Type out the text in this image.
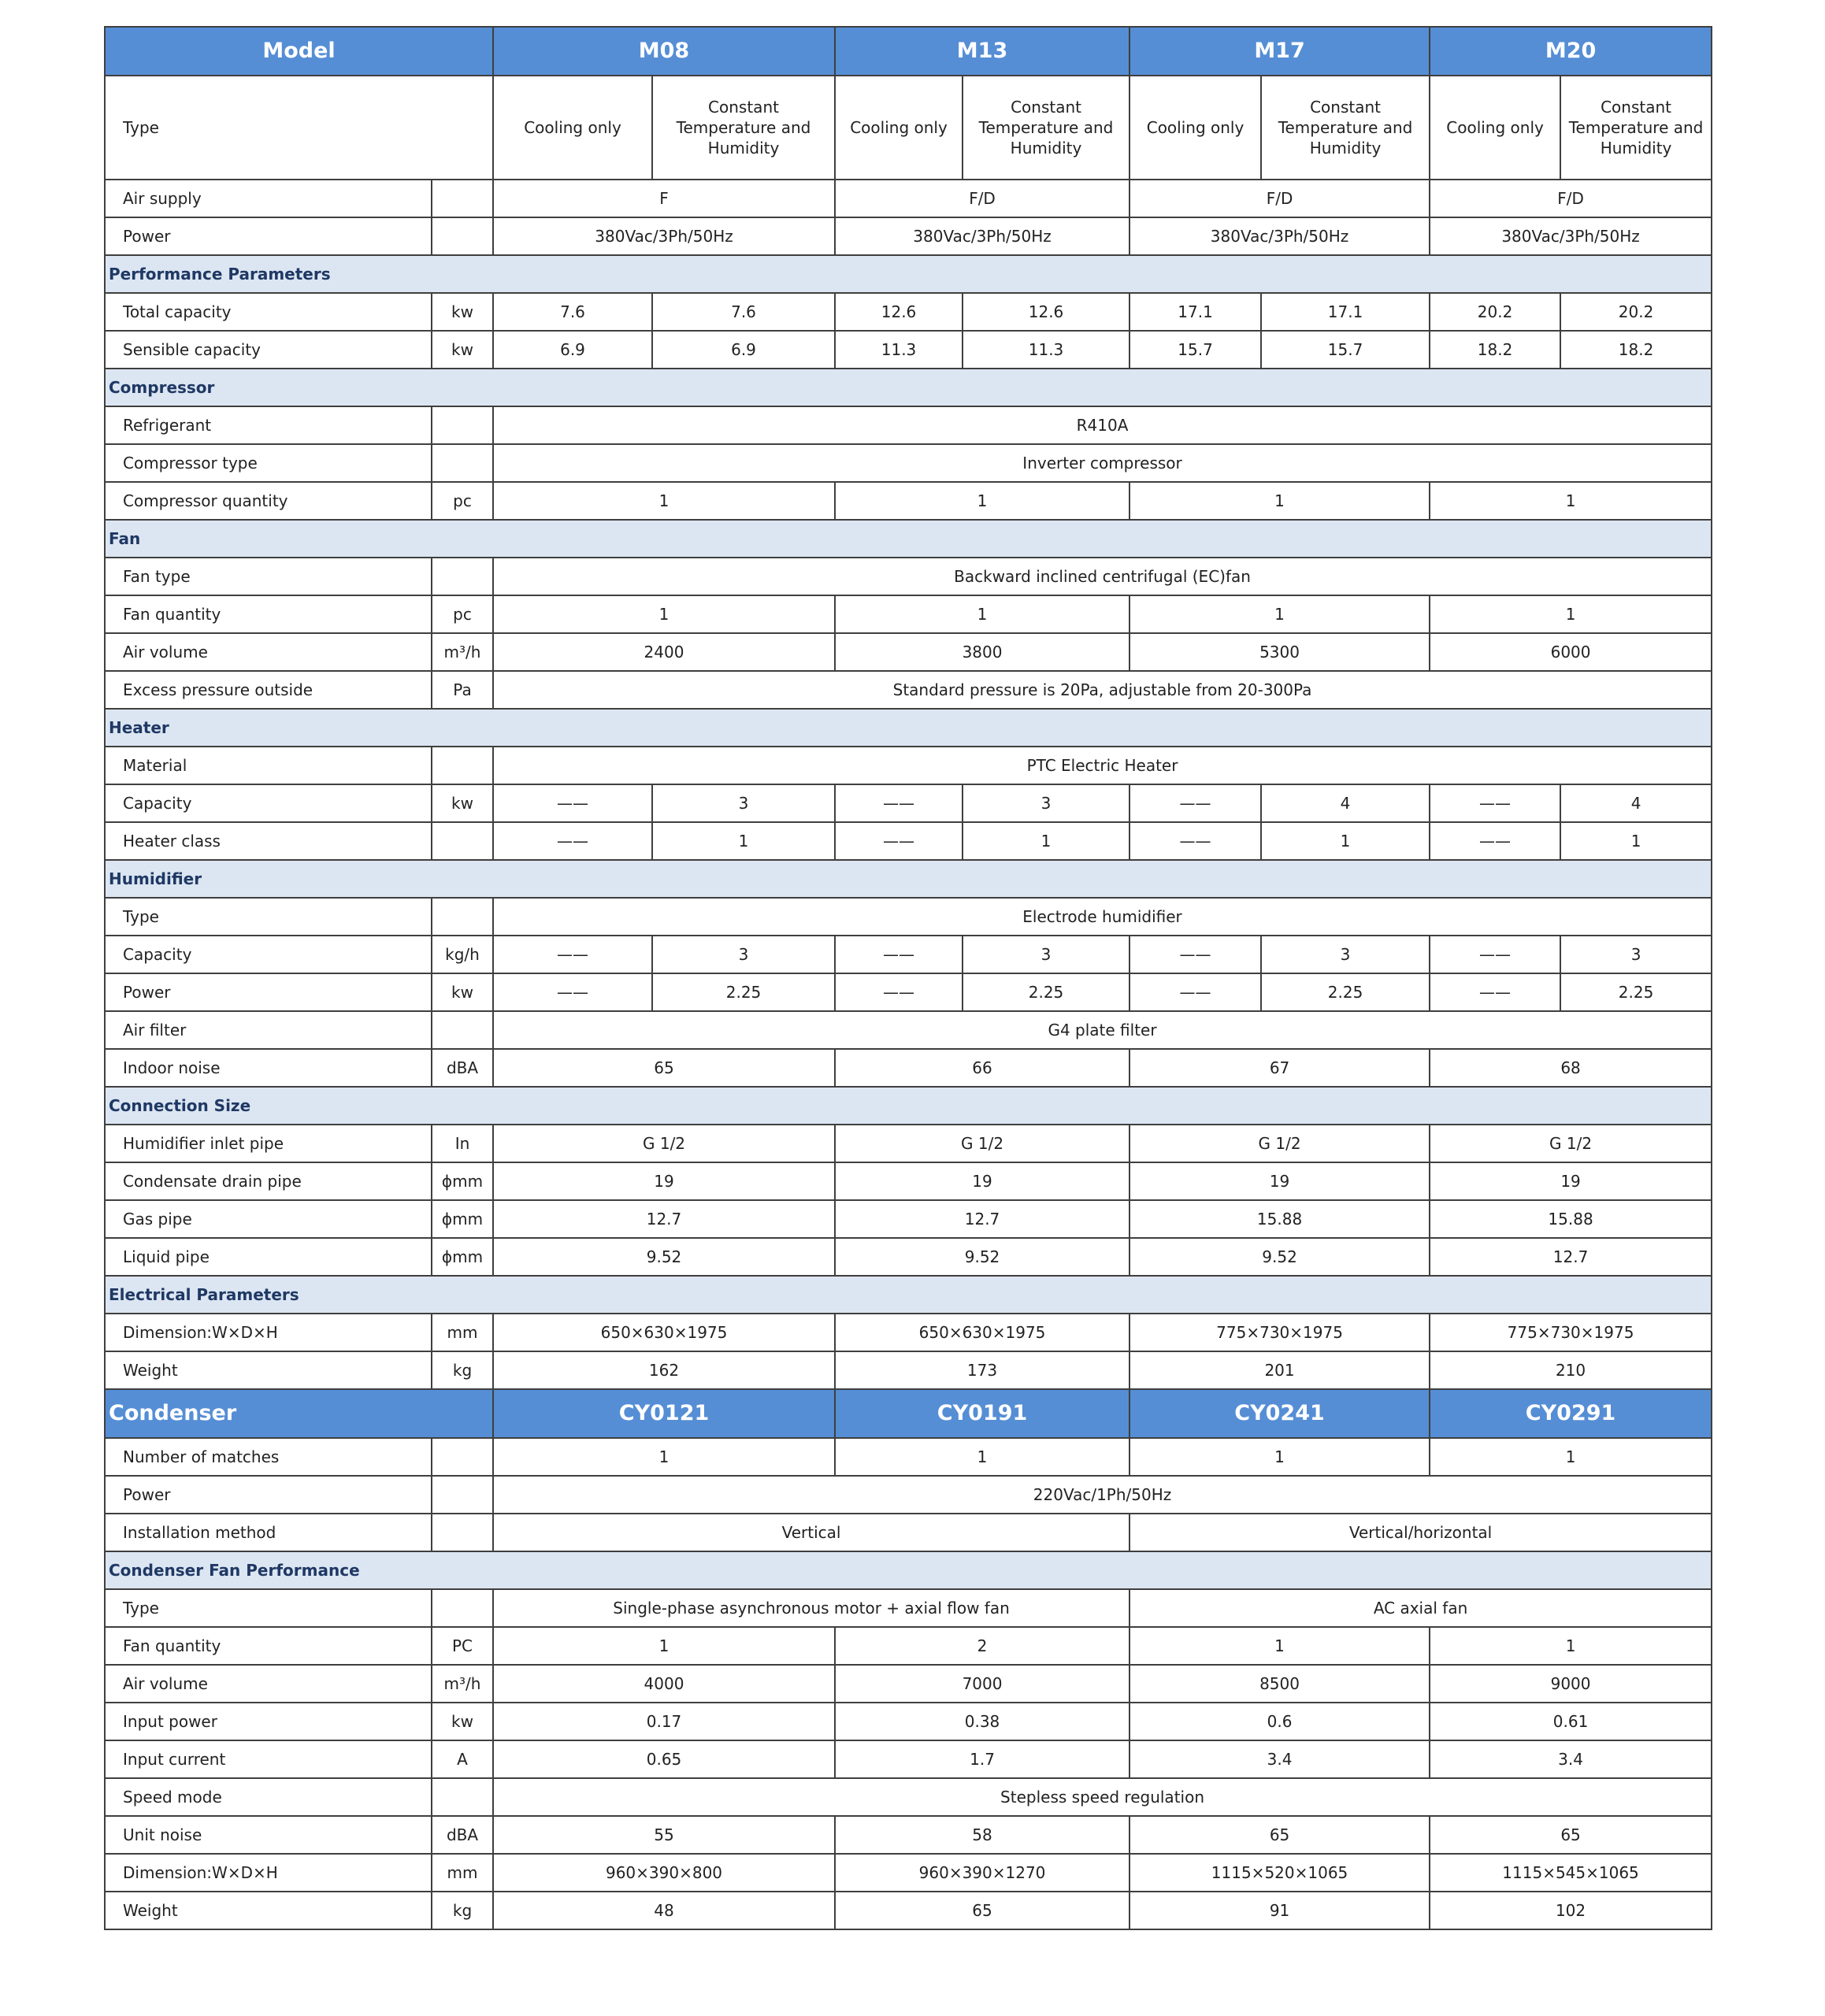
Model		M08		M13		M17		M20	
Type		Cooling only	Constant Temperature and Humidity	Cooling only	Constant Temperature and Humidity	Cooling only	Constant Temperature and Humidity	Cooling only	Constant Temperature and Humidity
Air supply		F		F/D		F/D		F/D	
Power		380Vac/3Ph/50Hz		380Vac/3Ph/50Hz		380Vac/3Ph/50Hz		380Vac/3Ph/50Hz	
Performance Parameters									
Total capacity	kw	7.6	7.6	12.6	12.6	17.1	17.1	20.2	20.2
Sensible capacity	kw	6.9	6.9	11.3	11.3	15.7	15.7	18.2	18.2
Compressor									
Refrigerant		R410A							
Compressor type		Inverter compressor							
Compressor quantity	pc	1		1		1		1	
Fan									
Fan type		Backward inclined centrifugal (EC)fan							
Fan quantity	pc	1		1		1		1	
Air volume	m³/h	2400		3800		5300		6000	
Excess pressure outside	Pa	Standard pressure is 20Pa, adjustable from 20-300Pa							
Heater									
Material		PTC Electric Heater							
Capacity	kw	——	3	——	3	——	4	——	4
Heater class		——	1	——	1	——	1	——	1
Humidifier									
Type		Electrode humidifier							
Capacity	kg/h	——	3	——	3	——	3	——	3
Power	kw	——	2.25	——	2.25	——	2.25	——	2.25
Air filter		G4 plate filter							
Indoor noise	dBA	65		66		67		68	
Connection Size									
Humidifier inlet pipe	In	G 1/2		G 1/2		G 1/2		G 1/2	
Condensate drain pipe	ϕmm	19		19		19		19	
Gas pipe	ϕmm	12.7		12.7		15.88		15.88	
Liquid pipe	ϕmm	9.52		9.52		9.52		12.7	
Electrical Parameters									
Dimension:W×D×H	mm	650×630×1975		650×630×1975		775×730×1975		775×730×1975	
Weight	kg	162		173		201		210	
Condenser		CY0121		CY0191		CY0241		CY0291	
Number of matches		1		1		1		1	
Power		220Vac/1Ph/50Hz							
Installation method		Vertical				Vertical/horizontal			
Condenser Fan Performance									
Type		Single-phase asynchronous motor + axial flow fan				AC axial fan			
Fan quantity	PC	1		2		1		1	
Air volume	m³/h	4000		7000		8500		9000	
Input power	kw	0.17		0.38		0.6		0.61	
Input current	A	0.65		1.7		3.4		3.4	
Speed mode		Stepless speed regulation							
Unit noise	dBA	55		58		65		65	
Dimension:W×D×H	mm	960×390×800		960×390×1270		1115×520×1065		1115×545×1065	
Weight	kg	48		65		91		102	
